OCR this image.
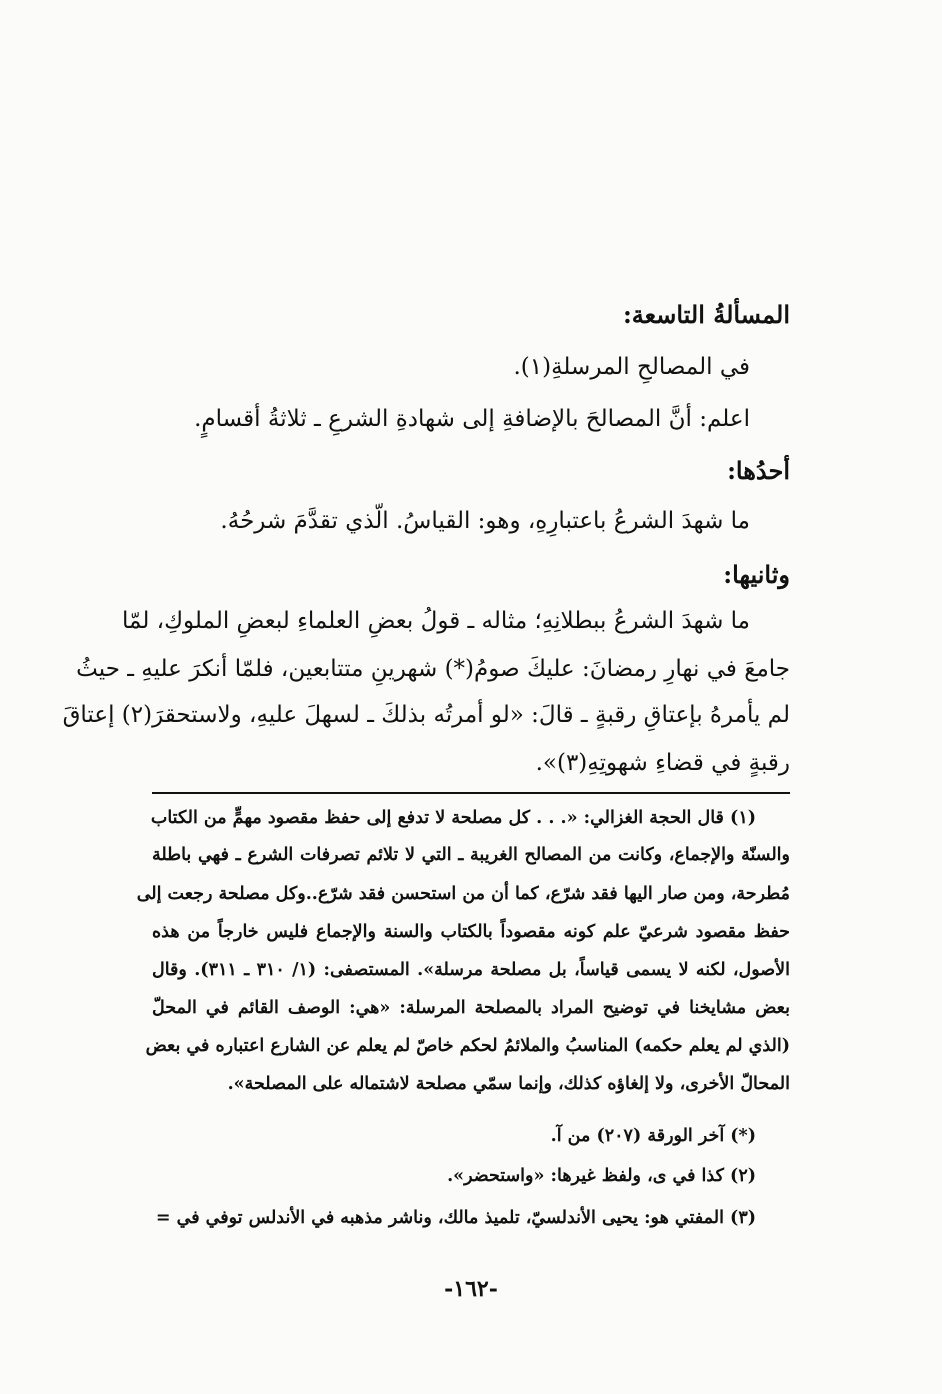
المسألةُ التاسعة:
في المصالحِ المرسلةِ(١).
اعلم: أنَّ المصالحَ بالإضافةِ إلى شهادةِ الشرعِ ـ ثلاثةُ أقسامٍ.
أحدُها:
ما شهدَ الشرعُ باعتبارِهِ، وهو: القياسُ. الّذي تقدَّمَ شرحُهُ.
وثانيها:
ما شهدَ الشرعُ ببطلانِهِ؛ مثاله ـ قولُ بعضِ العلماءِ لبعضِ الملوكِ، لمّا
جامعَ في نهارِ رمضانَ: عليكَ صومُ(*) شهرينِ متتابعين، فلمّا أنكرَ عليهِ ـ حيثُ
لم يأمرهُ بإعتاقِ رقبةٍ ـ قالَ: «لو أمرتُه بذلكَ ـ لسهلَ عليهِ، ولاستحقرَ(٢) إعتاقَ
رقبةٍ في قضاءِ شهوتِهِ(٣)».
(١) قال الحجة الغزالي: «. . . كل مصلحة لا تدفع إلى حفظ مقصود مهمٍّ من الكتاب
والسنّة والإجماع، وكانت من المصالح الغريبة ـ التي لا تلائم تصرفات الشرع ـ فهي باطلة
مُطرحة، ومن صار اليها فقد شرّع، كما أن من استحسن فقد شرّع..وكل مصلحة رجعت إلى
حفظ مقصود شرعيّ علم كونه مقصوداً بالكتاب والسنة والإجماع فليس خارجاً من هذه
الأصول، لكنه لا يسمى قياساً، بل مصلحة مرسلة». المستصفى: (١/ ٣١٠ ـ ٣١١). وقال
بعض مشايخنا في توضيح المراد بالمصلحة المرسلة: «هي: الوصف القائم في المحلّ
(الذي لم يعلم حكمه) المناسبُ والملائمُ لحكم خاصّ لم يعلم عن الشارع اعتباره في بعض
المحالّ الأخرى، ولا إلغاؤه كذلك، وإنما سمّي مصلحة لاشتماله على المصلحة».
(*) آخر الورقة (٢٠٧) من آ.
(٢) كذا في ى، ولفظ غيرها: «واستحضر».
(٣) المفتي هو: يحيى الأندلسيّ، تلميذ مالك، وناشر مذهبه في الأندلس توفي في =
-١٦٢-
